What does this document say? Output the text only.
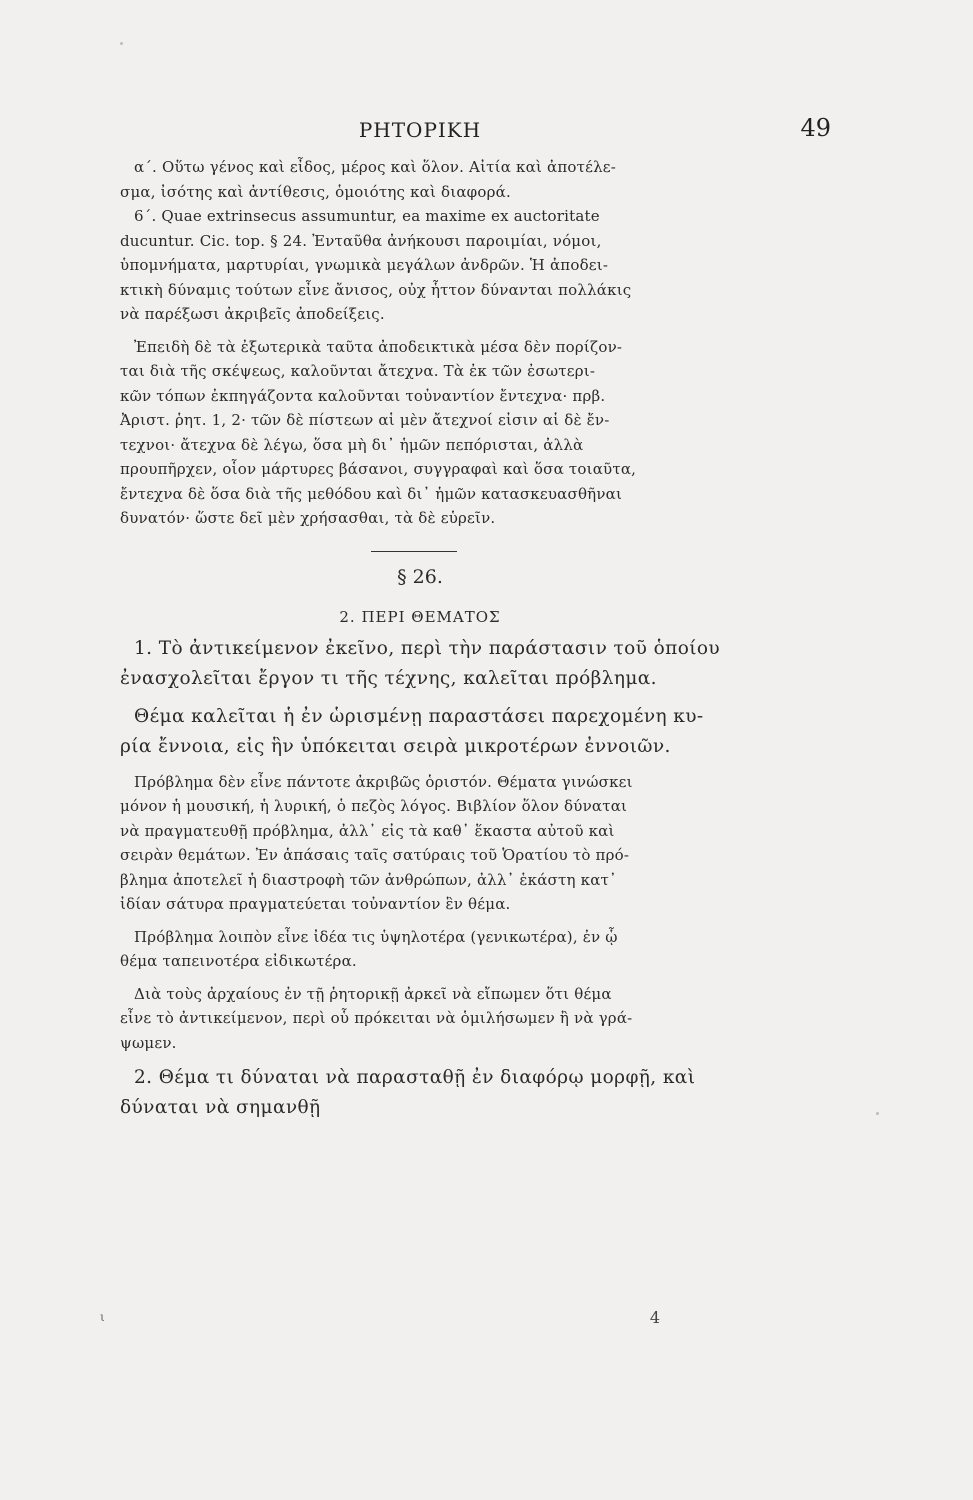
ΡΗΤΟΡΙΚΗ	49
α΄. Οὕτω γένος καὶ εἶδος, μέρος καὶ ὅλον. Αἰτία καὶ ἀποτέλε-
σμα, ἰσότης καὶ ἀντίθεσις, ὁμοιότης καὶ διαφορά.
6΄. Quae extrinsecus assumuntur, ea maxime ex auctoritate
ducuntur. Cic. top. § 24. Ἐνταῦθα ἀνήκουσι παροιμίαι, νόμοι,
ὑπομνήματα, μαρτυρίαι, γνωμικὰ μεγάλων ἀνδρῶν. Ἡ ἀποδει-
κτικὴ δύναμις τούτων εἶνε ἄνισος, οὐχ ἧττον δύνανται πολλάκις
νὰ παρέξωσι ἀκριβεῖς ἀποδείξεις.
Ἐπειδὴ δὲ τὰ ἐξωτερικὰ ταῦτα ἀποδεικτικὰ μέσα δὲν πορίζον-
ται διὰ τῆς σκέψεως, καλοῦνται ἄτεχνα. Τὰ ἐκ τῶν ἐσωτερι-
κῶν τόπων ἐκπηγάζοντα καλοῦνται τοὐναντίον ἔντεχνα· πρβ.
Ἀριστ. ῥητ. 1, 2· τῶν δὲ πίστεων αἱ μὲν ἄτεχνοί εἰσιν αἱ δὲ ἔν-
τεχνοι· ἄτεχνα δὲ λέγω, ὅσα μὴ δι᾽ ἡμῶν πεπόρισται, ἀλλὰ
προυπῆρχεν, οἷον μάρτυρες βάσανοι, συγγραφαὶ καὶ ὅσα τοιαῦτα,
ἔντεχνα δὲ ὅσα διὰ τῆς μεθόδου καὶ δι᾽ ἡμῶν κατασκευασθῆναι
δυνατόν· ὥστε δεῖ μὲν χρήσασθαι, τὰ δὲ εὑρεῖν.
§ 26.
2. ΠΕΡΙ ΘΕΜΑΤΟΣ
1. Τὸ ἀντικείμενον ἐκεῖνο, περὶ τὴν παράστασιν τοῦ ὁποίου
ἐνασχολεῖται ἔργον τι τῆς τέχνης, καλεῖται πρόβλημα.
Θέμα καλεῖται ἡ ἐν ὡρισμένῃ παραστάσει παρεχομένη κυ-
ρία ἔννοια, εἰς ἣν ὑπόκειται σειρὰ μικροτέρων ἐννοιῶν.
Πρόβλημα δὲν εἶνε πάντοτε ἀκριβῶς ὁριστόν. Θέματα γινώσκει
μόνον ἡ μουσική, ἡ λυρική, ὁ πεζὸς λόγος. Βιβλίον ὅλον δύναται
νὰ πραγματευθῇ πρόβλημα, ἀλλ᾽ εἰς τὰ καθ᾽ ἕκαστα αὐτοῦ καὶ
σειρὰν θεμάτων. Ἐν ἁπάσαις ταῖς σατύραις τοῦ Ὁρατίου τὸ πρό-
βλημα ἀποτελεῖ ἡ διαστροφὴ τῶν ἀνθρώπων, ἀλλ᾽ ἑκάστη κατ᾽
ἰδίαν σάτυρα πραγματεύεται τοὐναντίον ἓν θέμα.
Πρόβλημα λοιπὸν εἶνε ἰδέα τις ὑψηλοτέρα (γενικωτέρα), ἐν ᾧ
θέμα ταπεινοτέρα εἰδικωτέρα.
Διὰ τοὺς ἀρχαίους ἐν τῇ ῥητορικῇ ἀρκεῖ νὰ εἴπωμεν ὅτι θέμα
εἶνε τὸ ἀντικείμενον, περὶ οὗ πρόκειται νὰ ὁμιλήσωμεν ἢ νὰ γρά-
ψωμεν.
2. Θέμα τι δύναται νὰ παρασταθῇ ἐν διαφόρῳ μορφῇ, καὶ
δύναται νὰ σημανθῇ
ι	4
